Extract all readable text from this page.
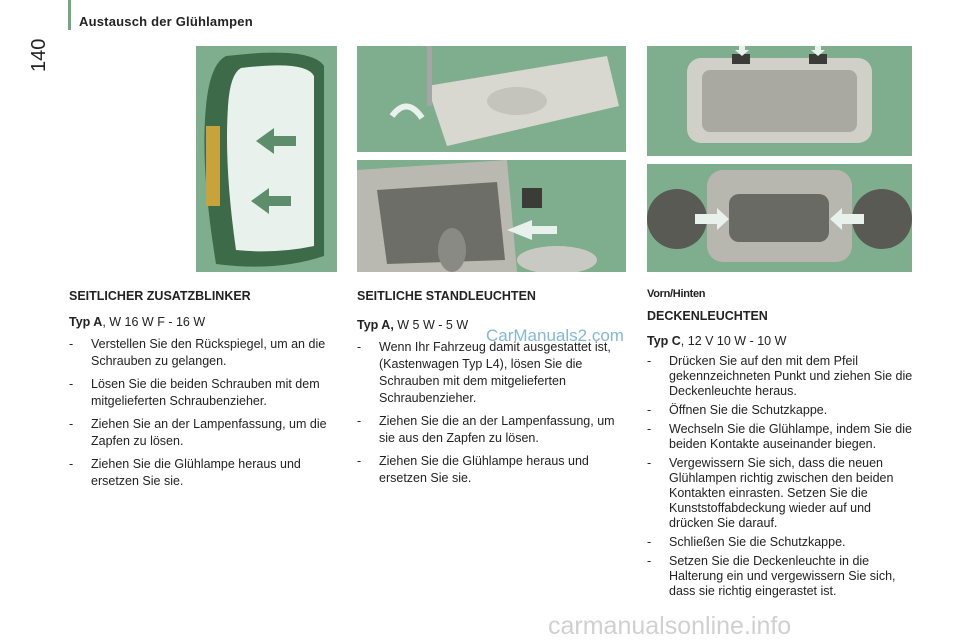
Austausch der Glühlampen
140
SEITLICHER ZUSATZBLINKER

Typ A, W 16 W F - 16 W

-	Verstellen Sie den Rückspiegel, um an die Schrauben zu gelangen.
-	Lösen Sie die beiden Schrauben mit dem mitgelieferten Schraubenzieher.
-	Ziehen Sie an der Lampenfassung, um die Zapfen zu lösen.
-	Ziehen Sie die Glühlampe heraus und ersetzen Sie sie.
SEITLICHE STANDLEUCHTEN

Typ A, W 5 W - 5 W

-	Wenn Ihr Fahrzeug damit ausgestattet ist, (Kastenwagen Typ L4), lösen Sie die Schrauben mit dem mitgelieferten Schraubenzieher.
-	Ziehen Sie die an der Lampenfassung, um sie aus den Zapfen zu lösen.
-	Ziehen Sie die Glühlampe heraus und ersetzen Sie sie.
Vorn/Hinten
DECKENLEUCHTEN

Typ C, 12 V 10 W - 10 W

-	Drücken Sie auf den mit dem Pfeil gekennzeichneten Punkt und ziehen Sie die Deckenleuchte heraus.
-	Öffnen Sie die Schutzkappe.
-	Wechseln Sie die Glühlampe, indem Sie die beiden Kontakte auseinander biegen.
-	Vergewissern Sie sich, dass die neuen Glühlampen richtig zwischen den beiden Kontakten einrasten. Setzen Sie die Kunststoffabdeckung wieder auf und drücken Sie darauf.
-	Schließen Sie die Schutzkappe.
-	Setzen Sie die Deckenleuchte in die Halterung ein und vergewissern Sie sich, dass sie richtig eingerastet ist.
CarManuals2.com
carmanualsonline.info
